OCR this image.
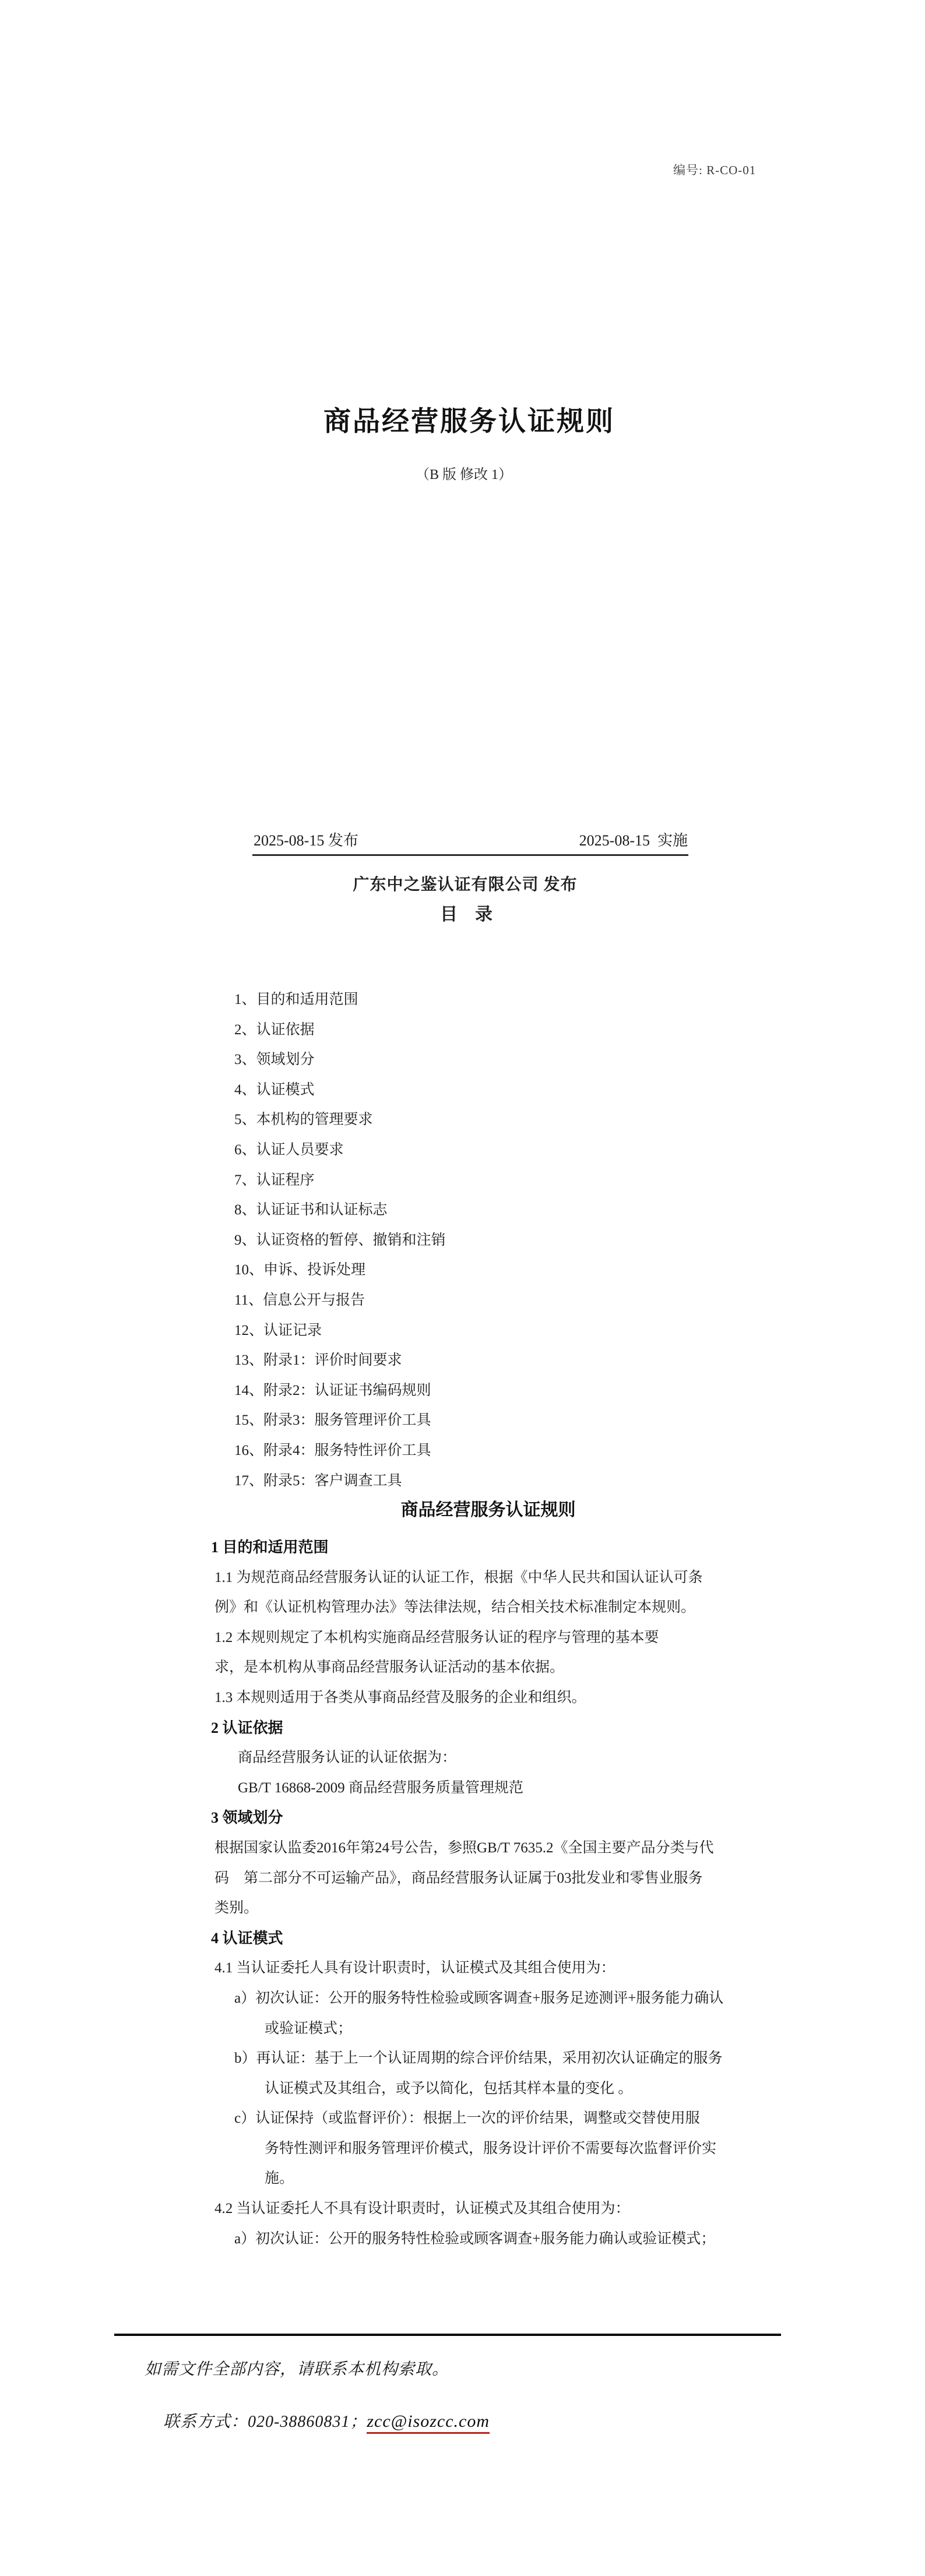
编号: R-CO-01
商品经营服务认证规则
（B 版 修改 1）
2025-08-15 发布	2025-08-15  实施
广东中之鉴认证有限公司 发布
目　录
1、目的和适用范围
2、认证依据
3、领域划分
4、认证模式
5、本机构的管理要求
6、认证人员要求
7、认证程序
8、认证证书和认证标志
9、认证资格的暂停、撤销和注销
10、申诉、投诉处理
11、信息公开与报告
12、认证记录
13、附录1：评价时间要求
14、附录2：认证证书编码规则
15、附录3：服务管理评价工具
16、附录4：服务特性评价工具
17、附录5：客户调查工具
商品经营服务认证规则
1 目的和适用范围
1.1 为规范商品经营服务认证的认证工作，根据《中华人民共和国认证认可条
例》和《认证机构管理办法》等法律法规，结合相关技术标准制定本规则。
1.2 本规则规定了本机构实施商品经营服务认证的程序与管理的基本要
求，是本机构从事商品经营服务认证活动的基本依据。
1.3 本规则适用于各类从事商品经营及服务的企业和组织。
2 认证依据
商品经营服务认证的认证依据为：
GB/T 16868-2009 商品经营服务质量管理规范
3 领域划分
根据国家认监委2016年第24号公告，参照GB/T 7635.2《全国主要产品分类与代
码　第二部分不可运输产品》，商品经营服务认证属于03批发业和零售业服务
类别。
4 认证模式
4.1 当认证委托人具有设计职责时，认证模式及其组合使用为：
a）初次认证：公开的服务特性检验或顾客调查+服务足迹测评+服务能力确认
或验证模式；
b）再认证：基于上一个认证周期的综合评价结果，采用初次认证确定的服务
认证模式及其组合，或予以简化，包括其样本量的变化 。
c）认证保持（或监督评价）：根据上一次的评价结果，调整或交替使用服
务特性测评和服务管理评价模式，服务设计评价不需要每次监督评价实
施。
4.2 当认证委托人不具有设计职责时，认证模式及其组合使用为：
a）初次认证：公开的服务特性检验或顾客调查+服务能力确认或验证模式；
如需文件全部内容，请联系本机构索取。

联系方式：020-38860831；zcc@isozcc.com
